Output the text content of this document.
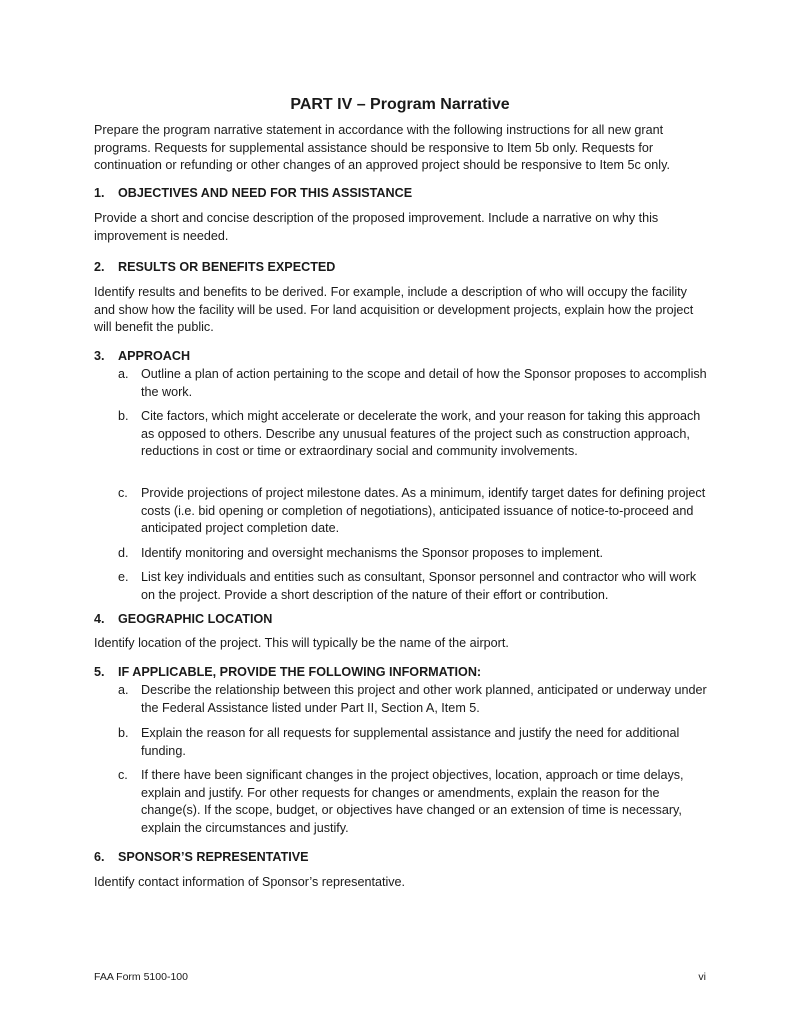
PART IV – Program Narrative
Prepare the program narrative statement in accordance with the following instructions for all new grant programs. Requests for supplemental assistance should be responsive to Item 5b only. Requests for continuation or refunding or other changes of an approved project should be responsive to Item 5c only.
1. OBJECTIVES AND NEED FOR THIS ASSISTANCE
Provide a short and concise description of the proposed improvement. Include a narrative on why this improvement is needed.
2. RESULTS OR BENEFITS EXPECTED
Identify results and benefits to be derived. For example, include a description of who will occupy the facility and show how the facility will be used. For land acquisition or development projects, explain how the project will benefit the public.
3. APPROACH
a. Outline a plan of action pertaining to the scope and detail of how the Sponsor proposes to accomplish the work.
b. Cite factors, which might accelerate or decelerate the work, and your reason for taking this approach as opposed to others. Describe any unusual features of the project such as construction approach, reductions in cost or time or extraordinary social and community involvements.
c. Provide projections of project milestone dates. As a minimum, identify target dates for defining project costs (i.e. bid opening or completion of negotiations), anticipated issuance of notice-to-proceed and anticipated project completion date.
d. Identify monitoring and oversight mechanisms the Sponsor proposes to implement.
e. List key individuals and entities such as consultant, Sponsor personnel and contractor who will work on the project. Provide a short description of the nature of their effort or contribution.
4. GEOGRAPHIC LOCATION
Identify location of the project. This will typically be the name of the airport.
5. IF APPLICABLE, PROVIDE THE FOLLOWING INFORMATION:
a. Describe the relationship between this project and other work planned, anticipated or underway under the Federal Assistance listed under Part II, Section A, Item 5.
b. Explain the reason for all requests for supplemental assistance and justify the need for additional funding.
c. If there have been significant changes in the project objectives, location, approach or time delays, explain and justify. For other requests for changes or amendments, explain the reason for the change(s). If the scope, budget, or objectives have changed or an extension of time is necessary, explain the circumstances and justify.
6. SPONSOR’S REPRESENTATIVE
Identify contact information of Sponsor’s representative.
FAA Form 5100-100	vi
